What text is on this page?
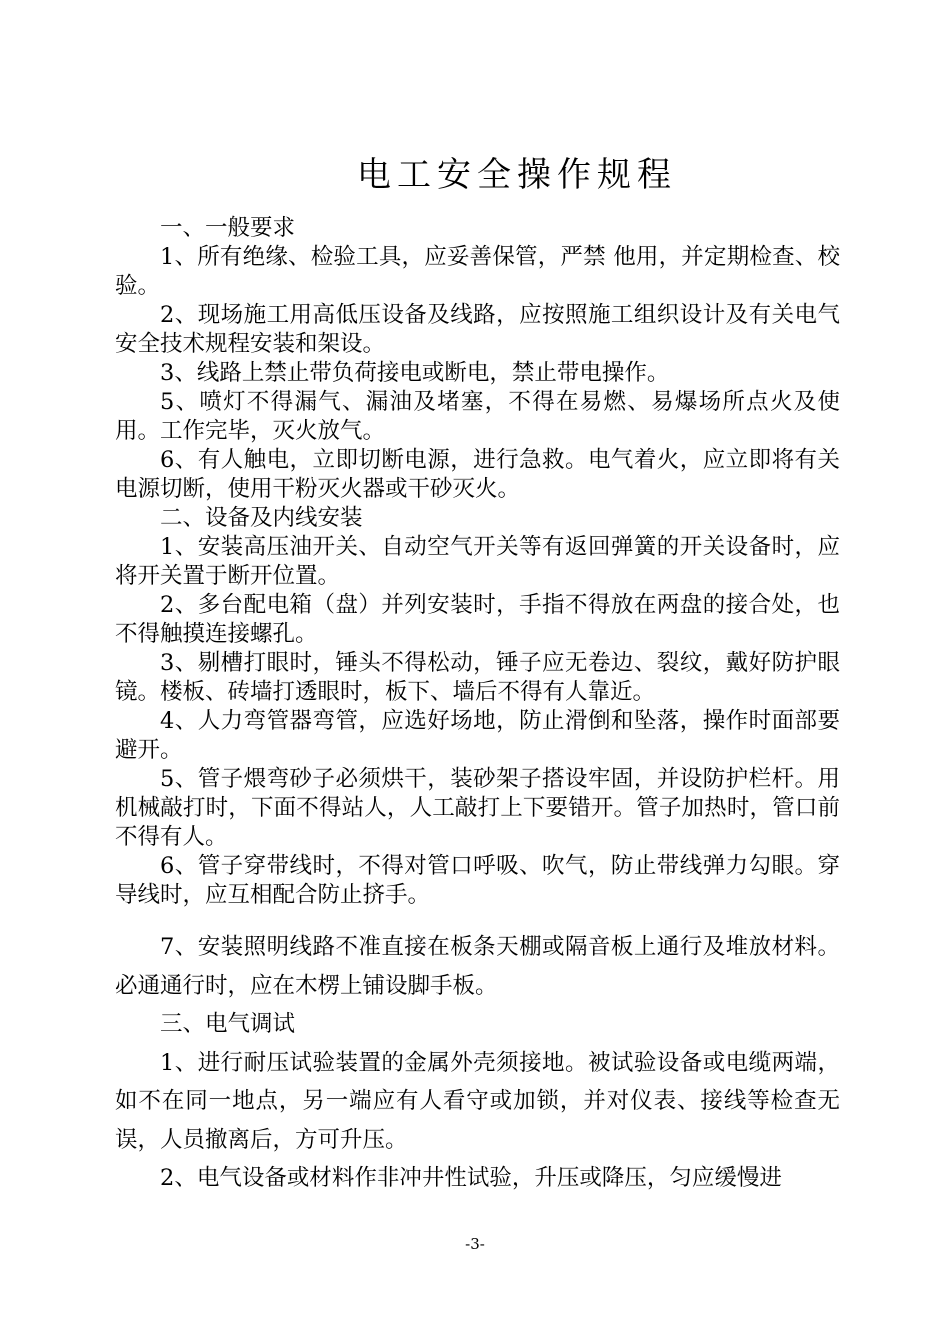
电工安全操作规程

一、一般要求

1、所有绝缘、检验工具，应妥善保管，严禁 他用，并定期检查、校验。

2、现场施工用高低压设备及线路，应按照施工组织设计及有关电气安全技术规程安装和架设。

3、线路上禁止带负荷接电或断电，禁止带电操作。

5、喷灯不得漏气、漏油及堵塞，不得在易燃、易爆场所点火及使用。工作完毕，灭火放气。

6、有人触电，立即切断电源，进行急救。电气着火，应立即将有关电源切断，使用干粉灭火器或干砂灭火。

二、设备及内线安装

1、安装高压油开关、自动空气开关等有返回弹簧的开关设备时，应将开关置于断开位置。

2、多台配电箱（盘）并列安装时，手指不得放在两盘的接合处，也不得触摸连接螺孔。

3、剔槽打眼时，锤头不得松动，锤子应无卷边、裂纹，戴好防护眼镜。楼板、砖墙打透眼时，板下、墙后不得有人靠近。

4、人力弯管器弯管，应选好场地，防止滑倒和坠落，操作时面部要避开。

5、管子煨弯砂子必须烘干，装砂架子搭设牢固，并设防护栏杆。用机械敲打时，下面不得站人，人工敲打上下要错开。管子加热时，管口前不得有人。

6、管子穿带线时，不得对管口呼吸、吹气，防止带线弹力勾眼。穿导线时，应互相配合防止挤手。

7、安装照明线路不准直接在板条天棚或隔音板上通行及堆放材料。必通通行时，应在木楞上铺设脚手板。

三、电气调试

1、进行耐压试验装置的金属外壳须接地。被试验设备或电缆两端，如不在同一地点，另一端应有人看守或加锁，并对仪表、接线等检查无误，人员撤离后，方可升压。

2、电气设备或材料作非冲井性试验，升压或降压，匀应缓慢进

-3-
